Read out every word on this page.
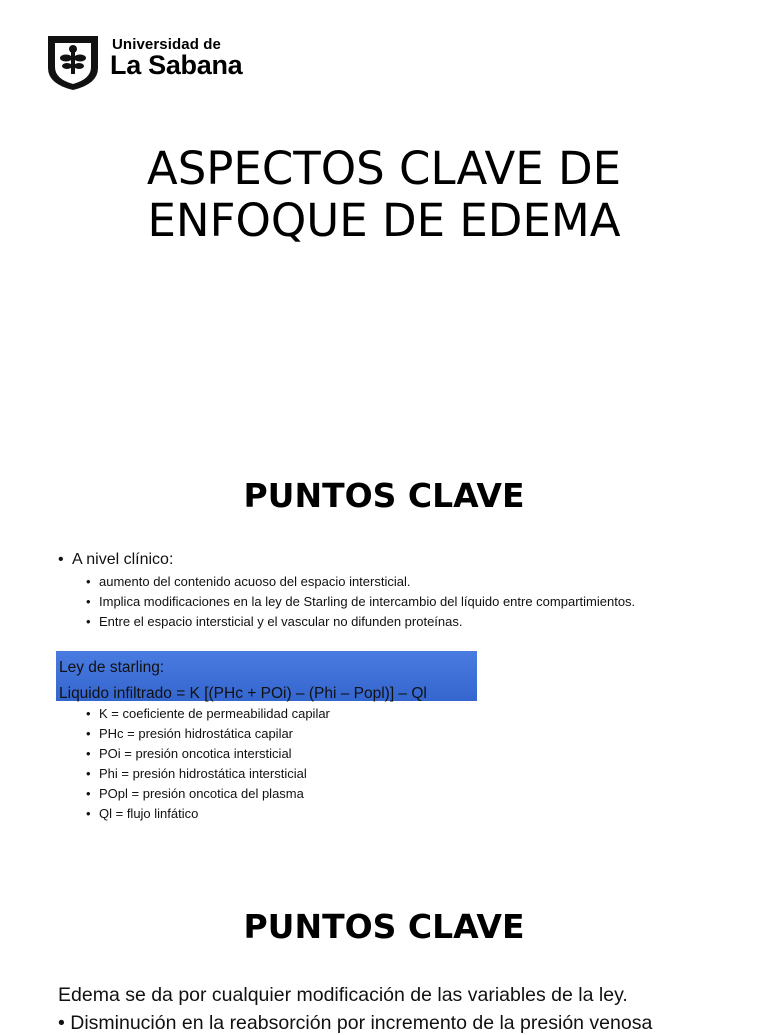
Universidad de
La Sabana
ASPECTOS CLAVE DE
ENFOQUE DE EDEMA
PUNTOS CLAVE
• A nivel clínico:
• aumento del contenido acuoso del espacio intersticial.
• Implica modificaciones en la ley de Starling de intercambio del líquido entre compartimientos.
• Entre el espacio intersticial y el vascular no difunden proteínas.
Ley de starling:
Liquido infiltrado = K [(PHc + POi) – (Phi – Popl)] – Ql
• K = coeficiente de permeabilidad capilar
• PHc = presión hidrostática capilar
• POi = presión oncotica intersticial
• Phi = presión hidrostática intersticial
• POpl = presión oncotica del plasma
• Ql = flujo linfático
PUNTOS CLAVE
Edema se da por cualquier modificación de las variables de la ley.
• Disminución en la reabsorción por incremento de la presión venosa
